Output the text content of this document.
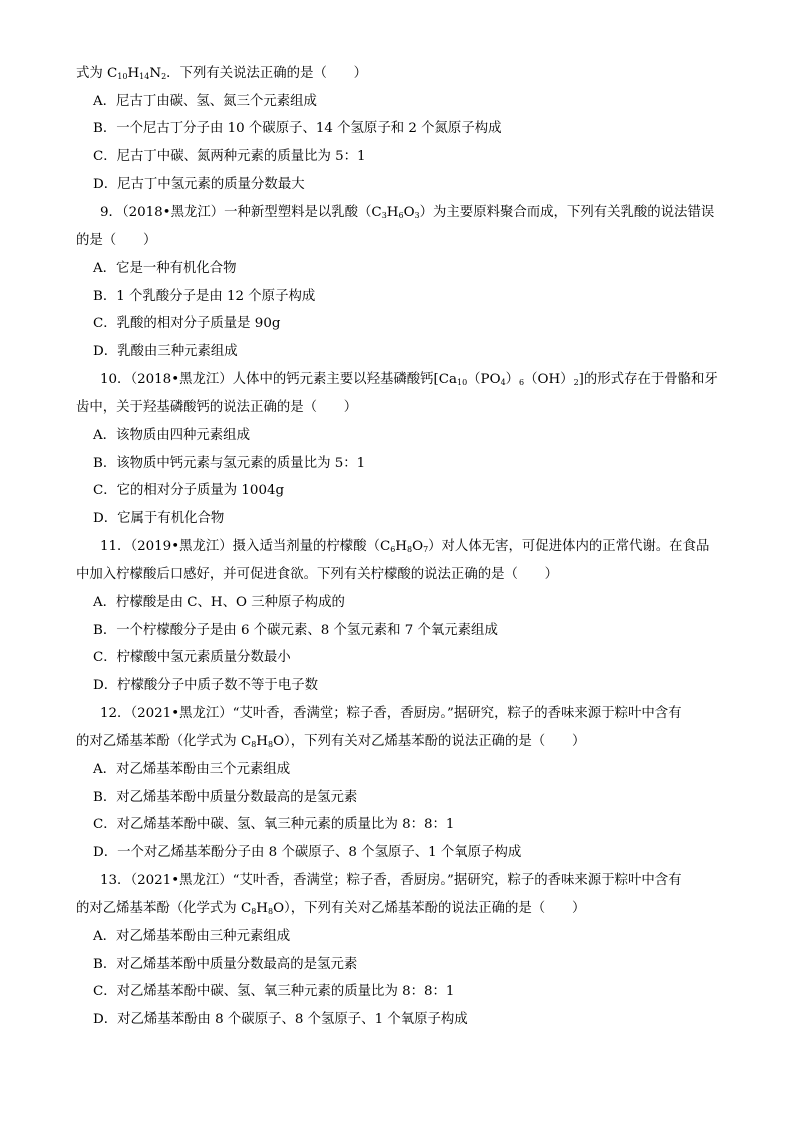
式为 $C_{10}H_{14}N_2$．下列有关说法正确的是（　　）
A．尼古丁由碳、氢、氮三个元素组成
B．一个尼古丁分子由 10 个碳原子、14 个氢原子和 2 个氮原子构成
C．尼古丁中碳、氮两种元素的质量比为 5：1
D．尼古丁中氢元素的质量分数最大
9．（2018•黑龙江）一种新型塑料是以乳酸$(C_3H_6O_3)$为主要原料聚合而成，下列有关乳酸的说法错误
的是（　　）
A．它是一种有机化合物
B．1 个乳酸分子是由 12 个原子构成
C．乳酸的相对分子质量是 90g
D．乳酸由三种元素组成
10．（2018•黑龙江）人体中的钙元素主要以羟基磷酸钙$[Ca_{10}(PO_4)_6(OH)_2]$的形式存在于骨骼和牙
齿中，关于羟基磷酸钙的说法正确的是（　　）
A．该物质由四种元素组成
B．该物质中钙元素与氢元素的质量比为 5：1
C．它的相对分子质量为 1004g
D．它属于有机化合物
11．（2019•黑龙江）摄入适当剂量的柠檬酸$(C_6H_8O_7)$对人体无害，可促进体内的正常代谢。在食品
中加入柠檬酸后口感好，并可促进食欲。下列有关柠檬酸的说法正确的是（　　）
A．柠檬酸是由 C、H、O 三种原子构成的
B．一个柠檬酸分子是由 6 个碳元素、8 个氢元素和 7 个氧元素组成
C．柠檬酸中氢元素质量分数最小
D．柠檬酸分子中质子数不等于电子数
12．（2021•黑龙江）“艾叶香，香满堂；粽子香，香厨房。”据研究，粽子的香味来源于粽叶中含有
的对乙烯基苯酚（化学式为 $C_8H_8O$），下列有关对乙烯基苯酚的说法正确的是（　　）
A．对乙烯基苯酚由三个元素组成
B．对乙烯基苯酚中质量分数最高的是氢元素
C．对乙烯基苯酚中碳、氢、氧三种元素的质量比为 8：8：1
D．一个对乙烯基苯酚分子由 8 个碳原子、8 个氢原子、1 个氧原子构成
13．（2021•黑龙江）“艾叶香，香满堂；粽子香，香厨房。”据研究，粽子的香味来源于粽叶中含有
的对乙烯基苯酚（化学式为 $C_8H_8O$），下列有关对乙烯基苯酚的说法正确的是（　　）
A．对乙烯基苯酚由三种元素组成
B．对乙烯基苯酚中质量分数最高的是氢元素
C．对乙烯基苯酚中碳、氢、氧三种元素的质量比为 8：8：1
D．对乙烯基苯酚由 8 个碳原子、8 个氢原子、1 个氧原子构成
